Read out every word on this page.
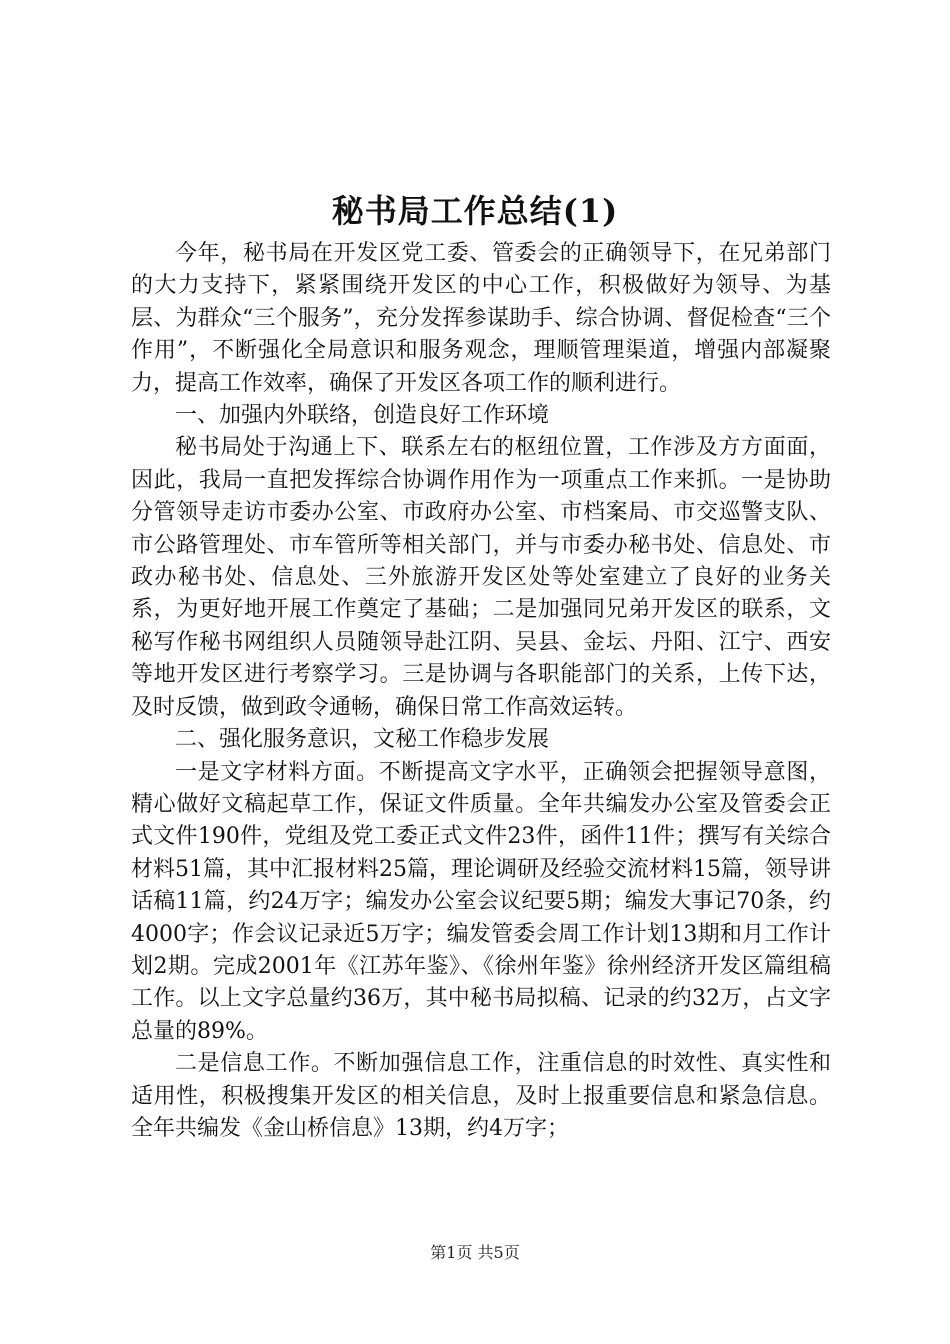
秘书局工作总结(1)

今年，秘书局在开发区党工委、管委会的正确领导下，在兄弟部门的大力支持下，紧紧围绕开发区的中心工作，积极做好为领导、为基层、为群众“三个服务”，充分发挥参谋助手、综合协调、督促检查“三个作用”，不断强化全局意识和服务观念，理顺管理渠道，增强内部凝聚力，提高工作效率，确保了开发区各项工作的顺利进行。

一、加强内外联络，创造良好工作环境

秘书局处于沟通上下、联系左右的枢纽位置，工作涉及方方面面，因此，我局一直把发挥综合协调作用作为一项重点工作来抓。一是协助分管领导走访市委办公室、市政府办公室、市档案局、市交巡警支队、市公路管理处、市车管所等相关部门，并与市委办秘书处、信息处、市政办秘书处、信息处、三外旅游开发区处等处室建立了良好的业务关系，为更好地开展工作奠定了基础；二是加强同兄弟开发区的联系，文秘写作秘书网组织人员随领导赴江阴、吴县、金坛、丹阳、江宁、西安等地开发区进行考察学习。三是协调与各职能部门的关系，上传下达，及时反馈，做到政令通畅，确保日常工作高效运转。

二、强化服务意识，文秘工作稳步发展

一是文字材料方面。不断提高文字水平，正确领会把握领导意图，精心做好文稿起草工作，保证文件质量。全年共编发办公室及管委会正式文件190件，党组及党工委正式文件23件，函件11件；撰写有关综合材料51篇，其中汇报材料25篇，理论调研及经验交流材料15篇，领导讲话稿11篇，约24万字；编发办公室会议纪要5期；编发大事记70条，约4000字；作会议记录近5万字；编发管委会周工作计划13期和月工作计划2期。完成2001年《江苏年鉴》、《徐州年鉴》徐州经济开发区篇组稿工作。以上文字总量约36万，其中秘书局拟稿、记录的约32万，占文字总量的89%。

二是信息工作。不断加强信息工作，注重信息的时效性、真实性和适用性，积极搜集开发区的相关信息，及时上报重要信息和紧急信息。全年共编发《金山桥信息》13期，约4万字；

第1页 共5页
